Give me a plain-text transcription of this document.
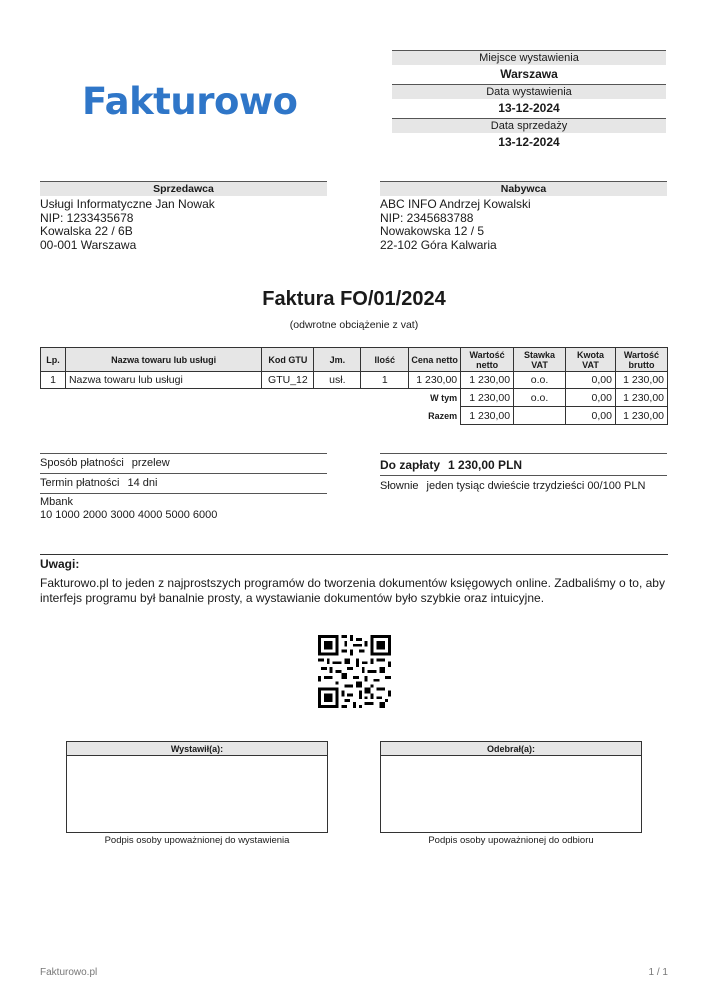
Fakturowo
Miejsce wystawienia
Warszawa
Data wystawienia
13-12-2024
Data sprzedaży
13-12-2024
Sprzedawca
Usługi Informatyczne Jan Nowak
NIP: 1233435678
Kowalska 22 / 6B
00-001 Warszawa
Nabywca
ABC INFO Andrzej Kowalski
NIP: 2345683788
Nowakowska 12 / 5
22-102 Góra Kalwaria
Faktura FO/01/2024
(odwrotne obciążenie z vat)
Lp.	Nazwa towaru lub usługi	Kod GTU	Jm.	Ilość	Cena netto	Wartość netto	Stawka VAT	Kwota VAT	Wartość brutto
1	Nazwa towaru lub usługi	GTU_12	usł.	1	1 230,00	1 230,00	o.o.	0,00	1 230,00
					W tym	1 230,00	o.o.	0,00	1 230,00
					Razem	1 230,00		0,00	1 230,00
Sposób płatności przelew
Termin płatności 14 dni
Mbank
10 1000 2000 3000 4000 5000 6000
Do zapłaty 1 230,00 PLN
Słownie jeden tysiąc dwieście trzydzieści 00/100 PLN
Uwagi:
Fakturowo.pl to jeden z najprostszych programów do tworzenia dokumentów księgowych online. Zadbaliśmy o to, aby interfejs programu był banalnie prosty, a wystawianie dokumentów było szybkie oraz intuicyjne.
Wystawił(a):
Podpis osoby upoważnionej do wystawienia
Odebrał(a):
Podpis osoby upoważnionej do odbioru
Fakturowo.pl	1 / 1
